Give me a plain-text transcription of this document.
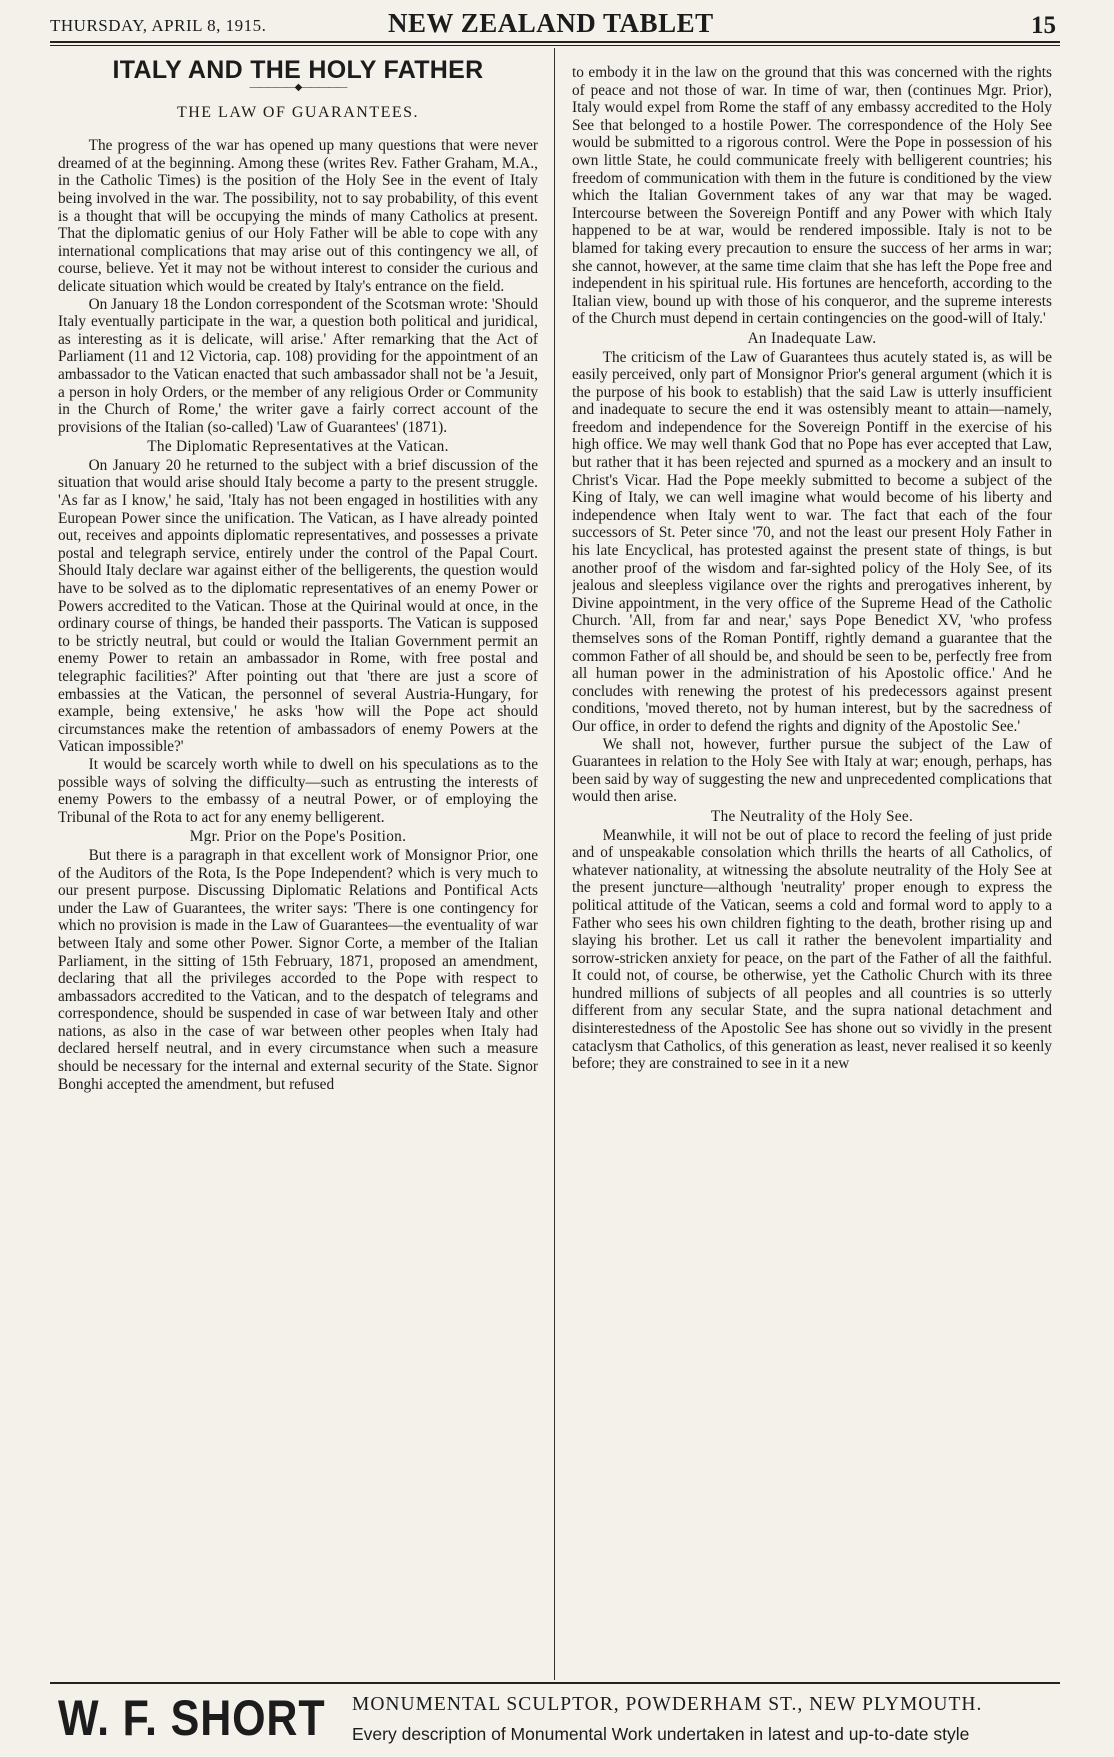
THURSDAY, APRIL 8, 1915.	NEW ZEALAND TABLET	15
ITALY AND THE HOLY FATHER
—————◆—————
THE LAW OF GUARANTEES.

The progress of the war has opened up many questions that were never dreamed of at the beginning. Among these (writes Rev. Father Graham, M.A., in the Catholic Times) is the position of the Holy See in the event of Italy being involved in the war. The possibility, not to say probability, of this event is a thought that will be occupying the minds of many Catholics at present. That the diplomatic genius of our Holy Father will be able to cope with any international complications that may arise out of this contingency we all, of course, believe. Yet it may not be without interest to consider the curious and delicate situation which would be created by Italy's entrance on the field.

On January 18 the London correspondent of the Scotsman wrote: 'Should Italy eventually participate in the war, a question both political and juridical, as interesting as it is delicate, will arise.' After remarking that the Act of Parliament (11 and 12 Victoria, cap. 108) providing for the appointment of an ambassador to the Vatican enacted that such ambassador shall not be 'a Jesuit, a person in holy Orders, or the member of any religious Order or Community in the Church of Rome,' the writer gave a fairly correct account of the provisions of the Italian (so-called) 'Law of Guarantees' (1871).

The Diplomatic Representatives at the Vatican.

On January 20 he returned to the subject with a brief discussion of the situation that would arise should Italy become a party to the present struggle. 'As far as I know,' he said, 'Italy has not been engaged in hostilities with any European Power since the unification. The Vatican, as I have already pointed out, receives and appoints diplomatic representatives, and possesses a private postal and telegraph service, entirely under the control of the Papal Court. Should Italy declare war against either of the belligerents, the question would have to be solved as to the diplomatic representatives of an enemy Power or Powers accredited to the Vatican. Those at the Quirinal would at once, in the ordinary course of things, be handed their passports. The Vatican is supposed to be strictly neutral, but could or would the Italian Government permit an enemy Power to retain an ambassador in Rome, with free postal and telegraphic facilities?' After pointing out that 'there are just a score of embassies at the Vatican, the personnel of several Austria-Hungary, for example, being extensive,' he asks 'how will the Pope act should circumstances make the retention of ambassadors of enemy Powers at the Vatican impossible?'

It would be scarcely worth while to dwell on his speculations as to the possible ways of solving the difficulty—such as entrusting the interests of enemy Powers to the embassy of a neutral Power, or of employing the Tribunal of the Rota to act for any enemy belligerent.

Mgr. Prior on the Pope's Position.

But there is a paragraph in that excellent work of Monsignor Prior, one of the Auditors of the Rota, Is the Pope Independent? which is very much to our present purpose. Discussing Diplomatic Relations and Pontifical Acts under the Law of Guarantees, the writer says: 'There is one contingency for which no provision is made in the Law of Guarantees—the eventuality of war between Italy and some other Power. Signor Corte, a member of the Italian Parliament, in the sitting of 15th February, 1871, proposed an amendment, declaring that all the privileges accorded to the Pope with respect to ambassadors accredited to the Vatican, and to the despatch of telegrams and correspondence, should be suspended in case of war between Italy and other nations, as also in the case of war between other peoples when Italy had declared herself neutral, and in every circumstance when such a measure should be necessary for the internal and external security of the State. Signor Bonghi accepted the amendment, but refused

to embody it in the law on the ground that this was concerned with the rights of peace and not those of war. In time of war, then (continues Mgr. Prior), Italy would expel from Rome the staff of any embassy accredited to the Holy See that belonged to a hostile Power. The correspondence of the Holy See would be submitted to a rigorous control. Were the Pope in possession of his own little State, he could communicate freely with belligerent countries; his freedom of communication with them in the future is conditioned by the view which the Italian Government takes of any war that may be waged. Intercourse between the Sovereign Pontiff and any Power with which Italy happened to be at war, would be rendered impossible. Italy is not to be blamed for taking every precaution to ensure the success of her arms in war; she cannot, however, at the same time claim that she has left the Pope free and independent in his spiritual rule. His fortunes are henceforth, according to the Italian view, bound up with those of his conqueror, and the supreme interests of the Church must depend in certain contingencies on the good-will of Italy.'

An Inadequate Law.

The criticism of the Law of Guarantees thus acutely stated is, as will be easily perceived, only part of Monsignor Prior's general argument (which it is the purpose of his book to establish) that the said Law is utterly insufficient and inadequate to secure the end it was ostensibly meant to attain—namely, freedom and independence for the Sovereign Pontiff in the exercise of his high office. We may well thank God that no Pope has ever accepted that Law, but rather that it has been rejected and spurned as a mockery and an insult to Christ's Vicar. Had the Pope meekly submitted to become a subject of the King of Italy, we can well imagine what would become of his liberty and independence when Italy went to war. The fact that each of the four successors of St. Peter since '70, and not the least our present Holy Father in his late Encyclical, has protested against the present state of things, is but another proof of the wisdom and far-sighted policy of the Holy See, of its jealous and sleepless vigilance over the rights and prerogatives inherent, by Divine appointment, in the very office of the Supreme Head of the Catholic Church. 'All, from far and near,' says Pope Benedict XV, 'who profess themselves sons of the Roman Pontiff, rightly demand a guarantee that the common Father of all should be, and should be seen to be, perfectly free from all human power in the administration of his Apostolic office.' And he concludes with renewing the protest of his predecessors against present conditions, 'moved thereto, not by human interest, but by the sacredness of Our office, in order to defend the rights and dignity of the Apostolic See.'

We shall not, however, further pursue the subject of the Law of Guarantees in relation to the Holy See with Italy at war; enough, perhaps, has been said by way of suggesting the new and unprecedented complications that would then arise.

The Neutrality of the Holy See.

Meanwhile, it will not be out of place to record the feeling of just pride and of unspeakable consolation which thrills the hearts of all Catholics, of whatever nationality, at witnessing the absolute neutrality of the Holy See at the present juncture—although 'neutrality' proper enough to express the political attitude of the Vatican, seems a cold and formal word to apply to a Father who sees his own children fighting to the death, brother rising up and slaying his brother. Let us call it rather the benevolent impartiality and sorrow-stricken anxiety for peace, on the part of the Father of all the faithful. It could not, of course, be otherwise, yet the Catholic Church with its three hundred millions of subjects of all peoples and all countries is so utterly different from any secular State, and the supra national detachment and disinterestedness of the Apostolic See has shone out so vividly in the present cataclysm that Catholics, of this generation as least, never realised it so keenly before; they are constrained to see in it a new

W. F. SHORT MONUMENTAL SCULPTOR, POWDERHAM ST., NEW PLYMOUTH.
Every description of Monumental Work undertaken in latest and up-to-date style
